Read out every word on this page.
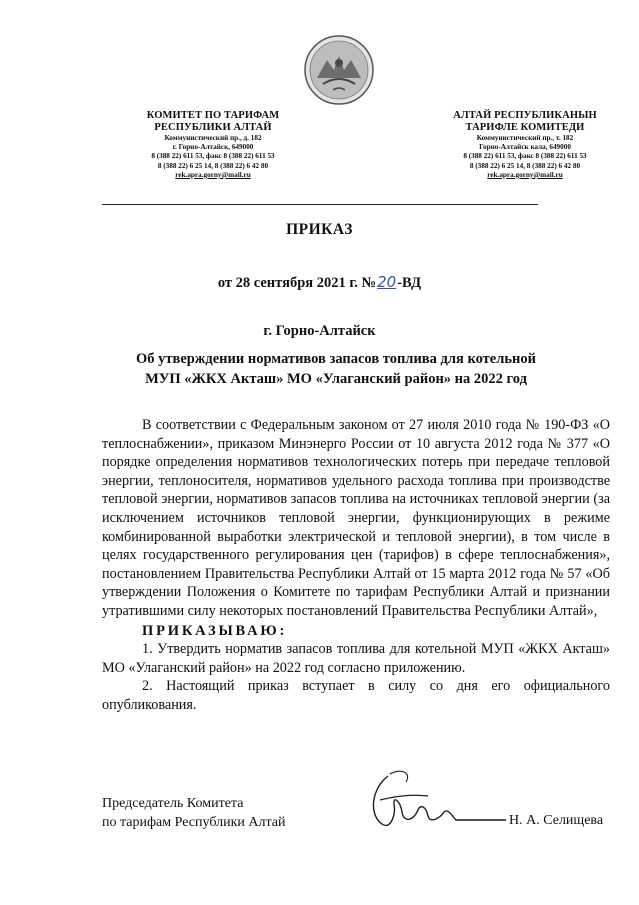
КОМИТЕТ ПО ТАРИФАМ
РЕСПУБЛИКИ АЛТАЙ
Коммунистический пр., д. 182
г. Горно-Алтайск, 649000
8 (388 22) 611 53, факс 8 (388 22) 611 53
8 (388 22) 6 25 14, 8 (388 22) 6 42 80
rek.apra.gorny@mail.ru
АЛТАЙ РЕСПУБЛИКАНЫН
ТАРИФЛЕ КОМИТЕДИ
Коммунистический пр., т. 182
Горно-Алтайск кала, 649000
8 (388 22) 611 53, факс 8 (388 22) 611 53
8 (388 22) 6 25 14, 8 (388 22) 6 42 80
rek.apra.gorny@mail.ru
ПРИКАЗ
от 28 сентября 2021 г. №20-ВД
г. Горно-Алтайск
Об утверждении нормативов запасов топлива для котельной
МУП «ЖКХ Акташ» МО «Улаганский район» на 2022 год

В соответствии с Федеральным законом от 27 июля 2010 года № 190-ФЗ «О теплоснабжении», приказом Минэнерго России от 10 августа 2012 года № 377 «О порядке определения нормативов технологических потерь при передаче тепловой энергии, теплоносителя, нормативов удельного расхода топлива при производстве тепловой энергии, нормативов запасов топлива на источниках тепловой энергии (за исключением источников тепловой энергии, функционирующих в режиме комбинированной выработки электрической и тепловой энергии), в том числе в целях государственного регулирования цен (тарифов) в сфере теплоснабжения», постановлением Правительства Республики Алтай от 15 марта 2012 года № 57 «Об утверждении Положения о Комитете по тарифам Республики Алтай и признании утратившими силу некоторых постановлений Правительства Республики Алтай»,

ПРИКАЗЫВАЮ:

1. Утвердить норматив запасов топлива для котельной МУП «ЖКХ Акташ» МО «Улаганский район» на 2022 год согласно приложению.

2. Настоящий приказ вступает в силу со дня его официального опубликования.

Председатель Комитета
по тарифам Республики Алтай	Н. А. Селищева
